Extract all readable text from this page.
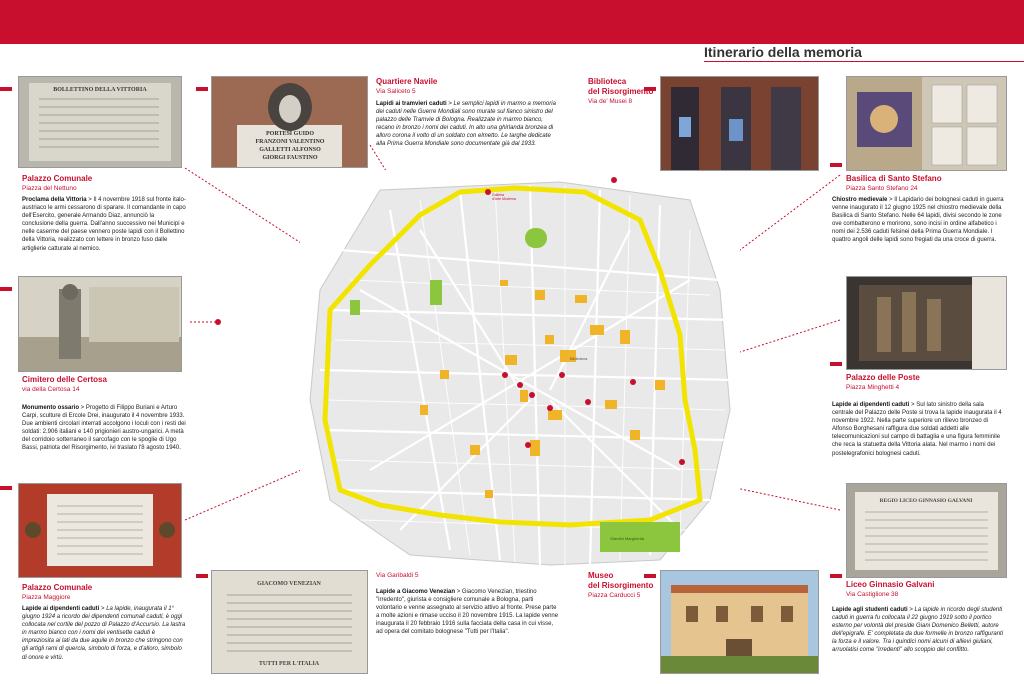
LA GRANDE GUERRA A BOLOGNA
Itinerario della memoria
Biblioteca
Galleria
d'Arte Moderna
Giardini Margherita
BOLLETTINO DELLA VITTORIA
PORTESI GUIDO
FRANZONI VALENTINO
GALLETTI ALFONSO
GIORGI FAUSTINO
GIACOMO VENEZIAN
TUTTI PER L'ITALIA
REGIO LICEO GINNASIO GALVANI
Quartiere Navile
Via Saliceto 5
Lapidi ai tramvieri caduti > Le semplici lapidi in marmo a memoria dei caduti nelle Guerre Mondiali sono murate sul fianco sinistro del palazzo delle Tramvie di Bologna. Realizzate in marmo bianco, recano in bronzo i nomi dei caduti. In alto una ghirlanda bronzea di alloro corona il volto di un soldato con elmetto. Le targhe dedicate alla Prima Guerra Mondiale sono documentate già dal 1933.
Biblioteca
del Risorgimento
Via de' Musei 8
Palazzo Comunale
Piazza del Nettuno
Proclama della Vittoria > Il 4 novembre 1918 sul fronte italo-austriaco le armi cessarono di sparare. Il comandante in capo dell'Esercito, generale Armando Diaz, annunciò la conclusione della guerra. Dall'anno successivo nei Municipi e nelle caserme del paese vennero poste lapidi con il Bollettino della Vittoria, realizzato con lettere in bronzo fuso dalle artiglierie catturate al nemico.
Basilica di Santo Stefano
Piazza Santo Stefano 24
Chiostro medievale > Il Lapidario dei bolognesi caduti in guerra venne inaugurato il 12 giugno 1925 nel chiostro medievale della Basilica di Santo Stefano. Nelle 64 lapidi, divisi secondo le zone ove combatterono e morirono, sono incisi in ordine alfabetico i nomi dei 2.536 caduti felsinei della Prima Guerra Mondiale. I quattro angoli delle lapidi sono fregiati da una croce di guerra.
Cimitero delle Certosa
via della Certosa 14
Monumento ossario > Progetto di Filippo Buriani e Arturo Carpi, sculture di Ercole Drei, inaugurato il 4 novembre 1933. Due ambienti circolari interrati accolgono i loculi con i resti dei soldati: 2.906 italiani e 140 prigionieri austro-ungarici. A metà del corridoio sotterraneo il sarcofago con le spoglie di Ugo Bassi, patriota del Risorgimento, ivi traslato l'8 agosto 1940.
Palazzo delle Poste
Piazza Minghetti 4
Lapide ai dipendenti caduti > Sul lato sinistro della sala centrale del Palazzo delle Poste si trova la lapide inaugurata il 4 novembre 1922. Nella parte superiore un rilievo bronzeo di Alfonso Borghesani raffigura due soldati addetti alle telecomunicazioni sul campo di battaglia e una figura femminile che reca la statuetta della Vittoria alata. Nel marmo i nomi dei postelegrafonici bolognesi caduti.
Palazzo Comunale
Piazza Maggiore
Lapide ai dipendenti caduti > La lapide, inaugurata il 1° giugno 1924 a ricordo dei dipendenti comunali caduti, è oggi collocata nel cortile del pozzo di Palazzo d'Accursio. La lastra in marmo bianco con i nomi dei ventisette caduti è impreziosita ai lati da due aquile in bronzo che stringono con gli artigli rami di quercia, simbolo di forza, e d'alloro, simbolo di onore e virtù.
Via Garibaldi 5
Lapide a Giacomo Venezian > Giacomo Venezian, triestino "irredento", giurista e consigliere comunale a Bologna, parti volontario e venne assegnato al servizio attivo al fronte. Prese parte a molte azioni e rimase ucciso il 20 novembre 1915. La lapide venne inaugurata il 20 febbraio 1916 sulla facciata della casa in cui visse, ad opera del comitato bolognese "Tutti per l'Italia".
Museo
del Risorgimento
Piazza Carducci 5
Liceo Ginnasio Galvani
Via Castiglione 38
Lapide agli studenti caduti > La lapide in ricordo degli studenti caduti in guerra fu collocata il 22 giugno 1919 sotto il portico esterno per volontà del preside Giani Domenico Belletti, autore dell'epigrafe. E' completata da due formelle in bronzo raffiguranti la forza e il valore. Tra i quindici nomi alcuni di allievi giuliani, arruolatisi come "irredenti" allo scoppio del conflitto.
